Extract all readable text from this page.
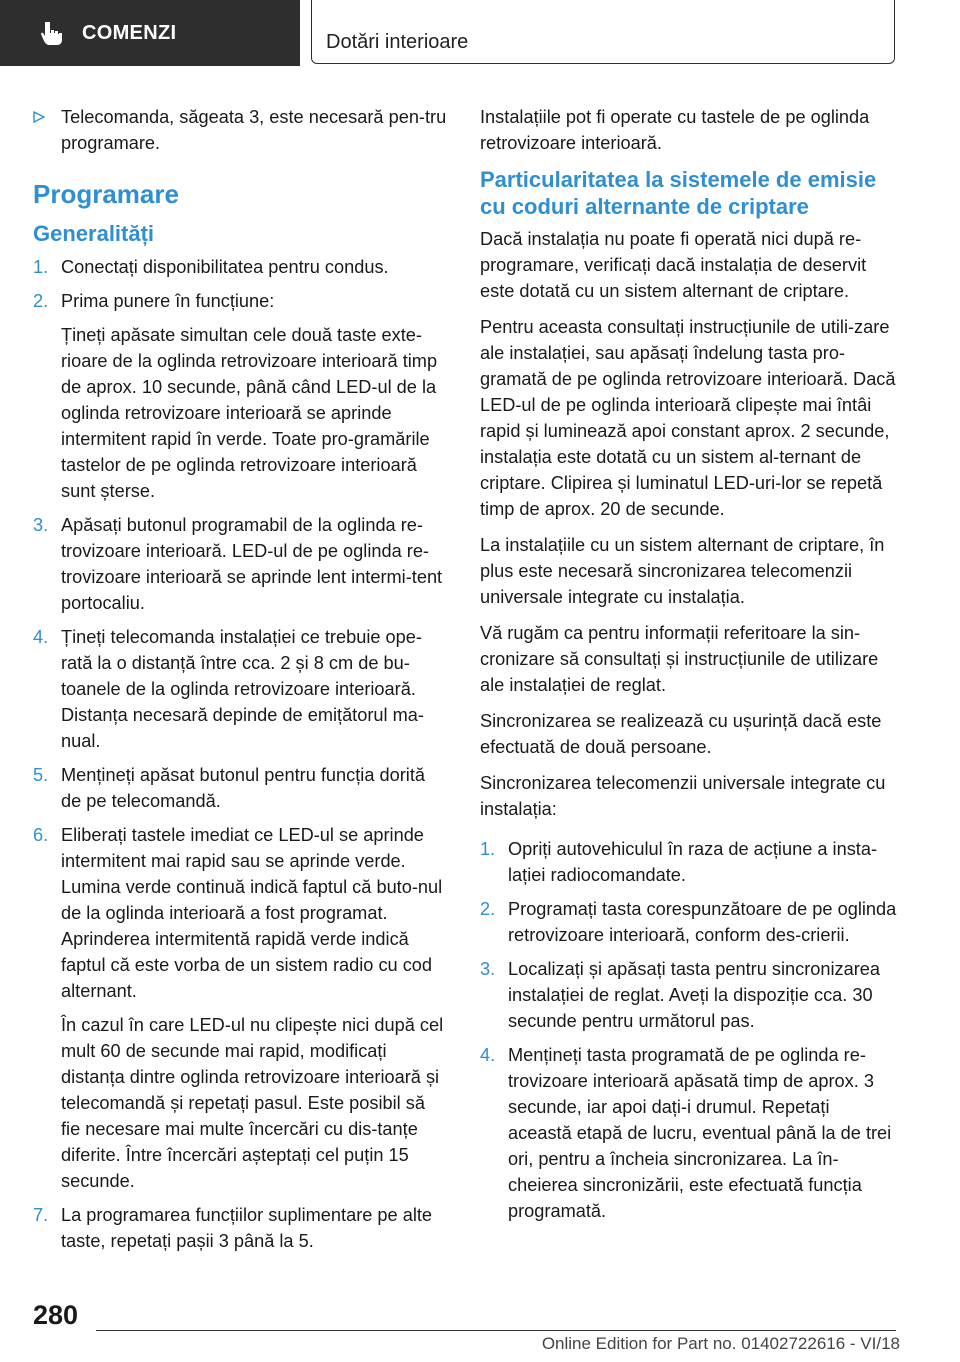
COMENZI	Dotări interioare
Telecomanda, săgeata 3, este necesară pen‐tru programare.
Programare
Generalități
1. Conectați disponibilitatea pentru condus.
2. Prima punere în funcțiune:
Țineți apăsate simultan cele două taste exte‐rioare de la oglinda retrovizoare interioară timp de aprox. 10 secunde, până când LED-ul de la oglinda retrovizoare interioară se aprinde intermitent rapid în verde. Toate pro‐gramările tastelor de pe oglinda retrovizoare interioară sunt șterse.
3. Apăsați butonul programabil de la oglinda re‐trovizoare interioară. LED-ul de pe oglinda re‐trovizoare interioară se aprinde lent intermi‐tent portocaliu.
4. Țineți telecomanda instalației ce trebuie ope‐rată la o distanță între cca. 2 și 8 cm de bu‐toanele de la oglinda retrovizoare interioară. Distanța necesară depinde de emițătorul ma‐nual.
5. Mențineți apăsat butonul pentru funcția dorită de pe telecomandă.
6. Eliberați tastele imediat ce LED-ul se aprinde intermitent mai rapid sau se aprinde verde. Lumina verde continuă indică faptul că buto‐nul de la oglinda interioară a fost programat. Aprinderea intermitentă rapidă verde indică faptul că este vorba de un sistem radio cu cod alternant.
În cazul în care LED-ul nu clipește nici după cel mult 60 de secunde mai rapid, modificați distanța dintre oglinda retrovizoare interioară și telecomandă și repetați pasul. Este posibil să fie necesare mai multe încercări cu dis‐tanțe diferite. Între încercări așteptați cel puțin 15 secunde.
7. La programarea funcțiilor suplimentare pe alte taste, repetați pașii 3 până la 5.

Instalațiile pot fi operate cu tastele de pe oglinda retrovizoare interioară.

Particularitatea la sistemele de emisie cu coduri alternante de criptare

Dacă instalația nu poate fi operată nici după re‐programare, verificați dacă instalația de deservit este dotată cu un sistem alternant de criptare.

Pentru aceasta consultați instrucțiunile de utili‐zare ale instalației, sau apăsați îndelung tasta pro‐gramată de pe oglinda retrovizoare interioară. Dacă LED-ul de pe oglinda interioară clipește mai întâi rapid și luminează apoi constant aprox. 2 secunde, instalația este dotată cu un sistem al‐ternant de criptare. Clipirea și luminatul LED-uri‐lor se repetă timp de aprox. 20 de secunde.

La instalațiile cu un sistem alternant de criptare, în plus este necesară sincronizarea telecomenzii universale integrate cu instalația.

Vă rugăm ca pentru informații referitoare la sin‐cronizare să consultați și instrucțiunile de utilizare ale instalației de reglat.

Sincronizarea se realizează cu ușurință dacă este efectuată de două persoane.

Sincronizarea telecomenzii universale integrate cu instalația:

1. Opriți autovehiculul în raza de acțiune a insta‐lației radiocomandate.
2. Programați tasta corespunzătoare de pe oglinda retrovizoare interioară, conform des‐crierii.
3. Localizați și apăsați tasta pentru sincronizarea instalației de reglat. Aveți la dispoziție cca. 30 secunde pentru următorul pas.
4. Mențineți tasta programată de pe oglinda re‐trovizoare interioară apăsată timp de aprox. 3 secunde, iar apoi dați-i drumul. Repetați această etapă de lucru, eventual până la de trei ori, pentru a încheia sincronizarea. La în‐cheierea sincronizării, este efectuată funcția programată.
280
Online Edition for Part no. 01402722616 - VI/18
